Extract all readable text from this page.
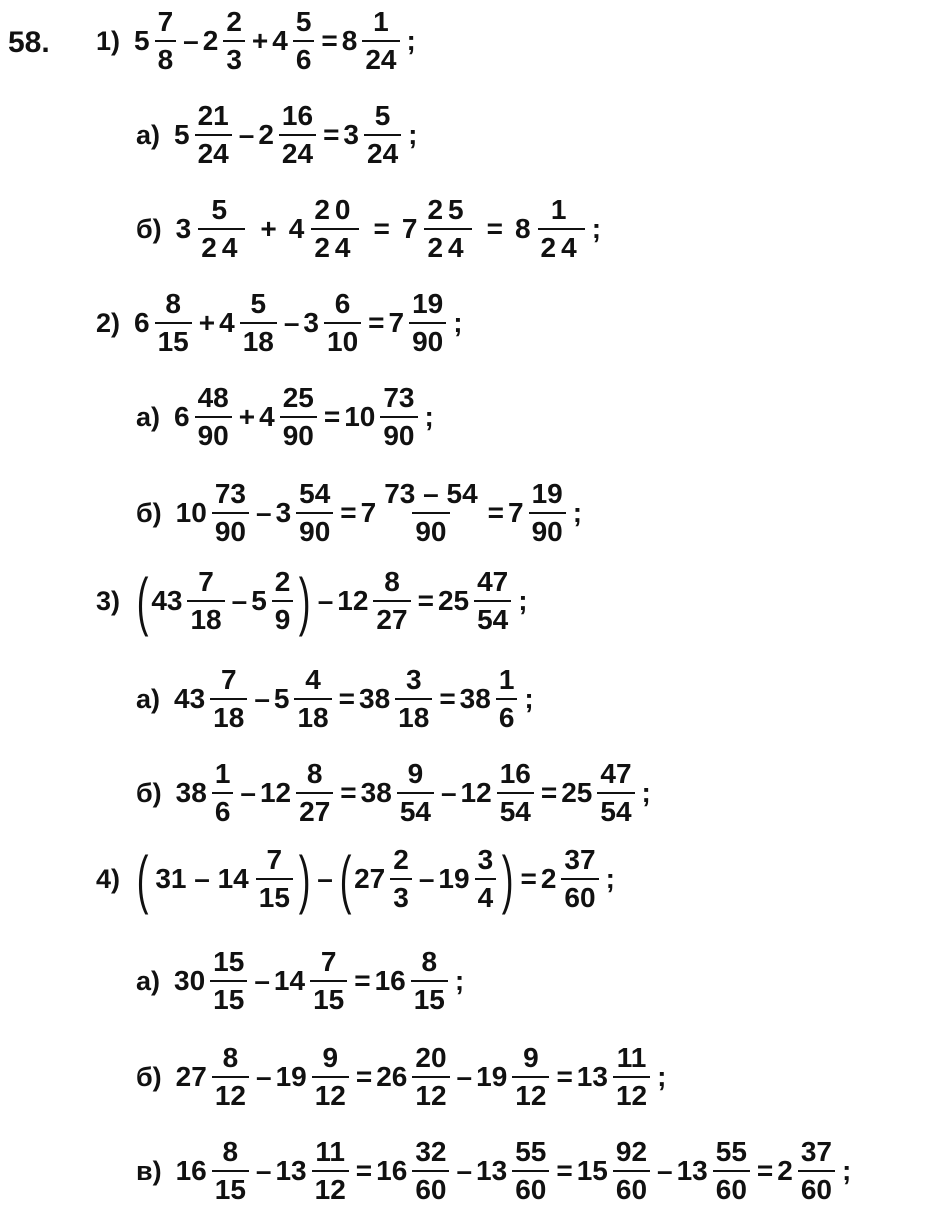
58. 1) $5 \frac{7}{8} - 2 \frac{2}{3} + 4 \frac{5}{6} = 8 \frac{1}{24}$ ;
а) $5 \frac{21}{24} - 2 \frac{16}{24} = 3 \frac{5}{24}$ ;
б) $3 \frac{5}{24} + 4 \frac{20}{24} = 7 \frac{25}{24} = 8 \frac{1}{24}$ ;
2) $6 \frac{8}{15} + 4 \frac{5}{18} - 3 \frac{6}{10} = 7 \frac{19}{90}$ ;
а) $6 \frac{48}{90} + 4 \frac{25}{90} = 10 \frac{73}{90}$ ;
б) $10 \frac{73}{90} - 3 \frac{54}{90} = 7 \frac{73 - 54}{90} = 7 \frac{19}{90}$ ;
3) ( $43 \frac{7}{18} - 5 \frac{2}{9}$ ) – $12 \frac{8}{27} = 25 \frac{47}{54}$ ;
а) $43 \frac{7}{18} - 5 \frac{4}{18} = 38 \frac{3}{18} = 38 \frac{1}{6}$ ;
б) $38 \frac{1}{6} - 12 \frac{8}{27} = 38 \frac{9}{54} - 12 \frac{16}{54} = 25 \frac{47}{54}$ ;
4) ( $31 - 14 \frac{7}{15}$ ) – ( $27 \frac{2}{3} - 19 \frac{3}{4}$ ) = $2 \frac{37}{60}$ ;
а) $30 \frac{15}{15} - 14 \frac{7}{15} = 16 \frac{8}{15}$ ;
б) $27 \frac{8}{12} - 19 \frac{9}{12} = 26 \frac{20}{12} - 19 \frac{9}{12} = 13 \frac{11}{12}$ ;
в) $16 \frac{8}{15} - 13 \frac{11}{12} = 16 \frac{32}{60} - 13 \frac{55}{60} = 15 \frac{92}{60} - 13 \frac{55}{60} = 2 \frac{37}{60}$ ;
